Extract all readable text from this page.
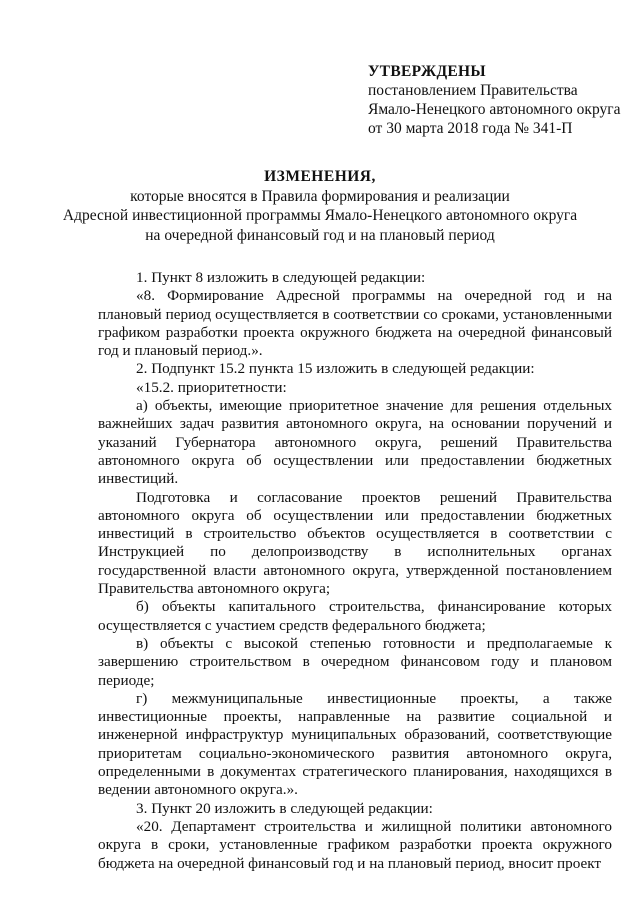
УТВЕРЖДЕНЫ
постановлением Правительства
Ямало-Ненецкого автономного округа
от 30 марта 2018 года № 341-П
ИЗМЕНЕНИЯ,
которые вносятся в Правила формирования и реализации
Адресной инвестиционной программы Ямало-Ненецкого автономного округа
на очередной финансовый год и на плановый период

1. Пункт 8 изложить в следующей редакции:

«8. Формирование Адресной программы на очередной год и на плановый период осуществляется в соответствии со сроками, установленными графиком разработки проекта окружного бюджета на очередной финансовый год и плановый период.».

2. Подпункт 15.2 пункта 15 изложить в следующей редакции:

«15.2. приоритетности:

а) объекты, имеющие приоритетное значение для решения отдельных важнейших задач развития автономного округа, на основании поручений и указаний Губернатора автономного округа, решений Правительства автономного округа об осуществлении или предоставлении бюджетных инвестиций.

Подготовка и согласование проектов решений Правительства автономного округа об осуществлении или предоставлении бюджетных инвестиций в строительство объектов осуществляется в соответствии с Инструкцией по делопроизводству в исполнительных органах государственной власти автономного округа, утвержденной постановлением Правительства автономного округа;

б) объекты капитального строительства, финансирование которых осуществляется с участием средств федерального бюджета;

в) объекты с высокой степенью готовности и предполагаемые к завершению строительством в очередном финансовом году и плановом периоде;

г) межмуниципальные инвестиционные проекты, а также инвестиционные проекты, направленные на развитие социальной и инженерной инфраструктур муниципальных образований, соответствующие приоритетам социально-экономического развития автономного округа, определенными в документах стратегического планирования, находящихся в ведении автономного округа.».

3. Пункт 20 изложить в следующей редакции:

«20. Департамент строительства и жилищной политики автономного округа в сроки, установленные графиком разработки проекта окружного бюджета на очередной финансовый год и на плановый период, вносит проект
